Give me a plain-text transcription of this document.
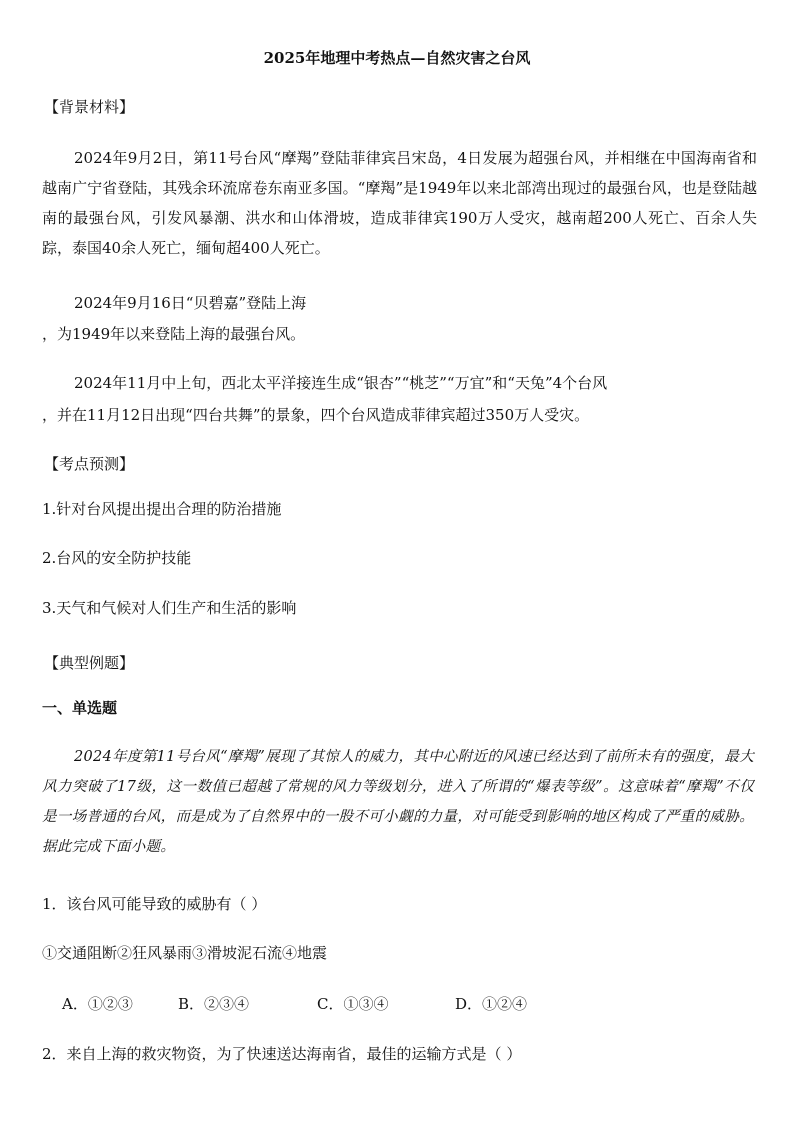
2025年地理中考热点—自然灾害之台风
【背景材料】
2024年9月2日，第11号台风“摩羯”登陆菲律宾吕宋岛，4日发展为超强台风，并相继在中国海南省和越南广宁省登陆，其残余环流席卷东南亚多国。“摩羯”是1949年以来北部湾出现过的最强台风，也是登陆越南的最强台风，引发风暴潮、洪水和山体滑坡，造成菲律宾190万人受灾，越南超200人死亡、百余人失踪，泰国40余人死亡，缅甸超400人死亡。
2024年9月16日“贝碧嘉”登陆上海
，为1949年以来登陆上海的最强台风。
2024年11月中上旬，西北太平洋接连生成“银杏”“桃芝”“万宜”和“天兔”4个台风
，并在11月12日出现“四台共舞”的景象，四个台风造成菲律宾超过350万人受灾。
【考点预测】
1.针对台风提出提出合理的防治措施
2.台风的安全防护技能
3.天气和气候对人们生产和生活的影响
【典型例题】
一、单选题
2024年度第11号台风“摩羯”展现了其惊人的威力，其中心附近的风速已经达到了前所未有的强度，最大风力突破了17级，这一数值已超越了常规的风力等级划分，进入了所谓的“爆表等级”。这意味着“摩羯”不仅是一场普通的台风，而是成为了自然界中的一股不可小觑的力量，对可能受到影响的地区构成了严重的威胁。据此完成下面小题。
1．该台风可能导致的威胁有（ ）
①交通阻断②狂风暴雨③滑坡泥石流④地震
A．①②③	B．②③④	C．①③④	D．①②④
2．来自上海的救灾物资，为了快速送达海南省，最佳的运输方式是（ ）
